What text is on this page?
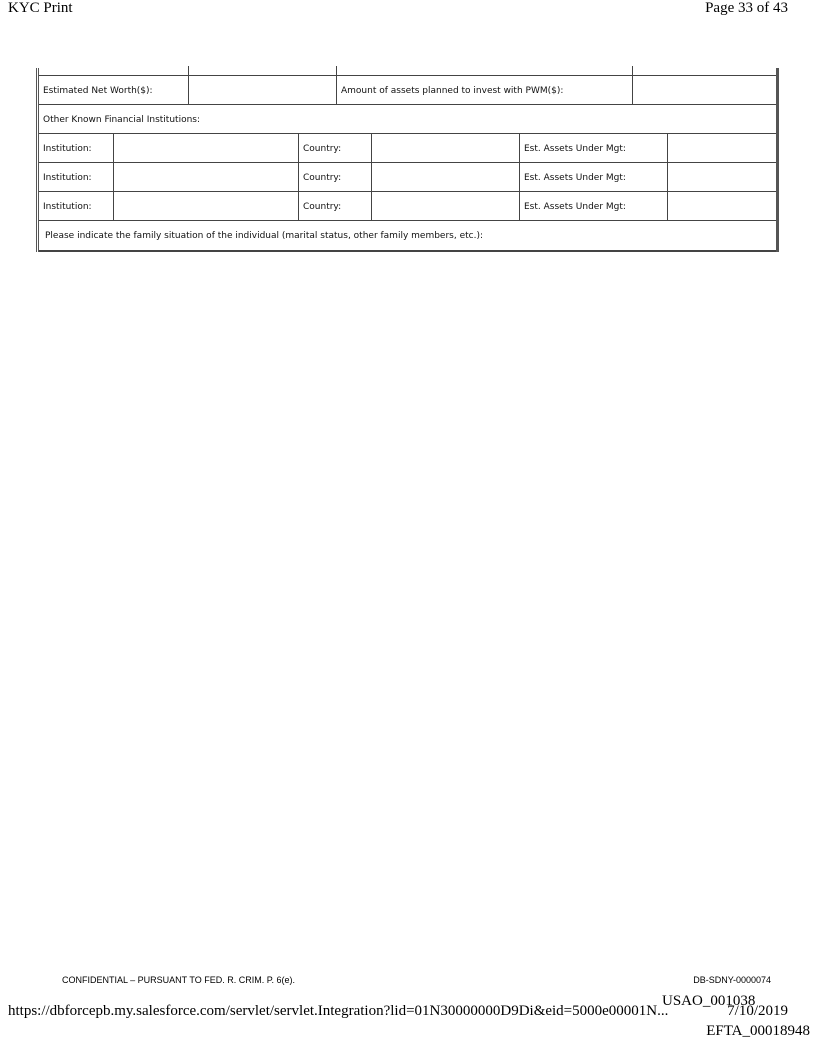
KYC Print	Page 33 of 43
Estimated Net Worth($):	Amount of assets planned to invest with PWM($):
Other Known Financial Institutions:
Institution:	Country:	Est. Assets Under Mgt:
Institution:	Country:	Est. Assets Under Mgt:
Institution:	Country:	Est. Assets Under Mgt:
Please indicate the family situation of the individual (marital status, other family members, etc.):
CONFIDENTIAL – PURSUANT TO FED. R. CRIM. P. 6(e).	DB-SDNY-0000074
USAO_001038
https://dbforcepb.my.salesforce.com/servlet/servlet.Integration?lid=01N30000000D9Di&eid=5000e00001N...	7/10/2019
EFTA_00018948
